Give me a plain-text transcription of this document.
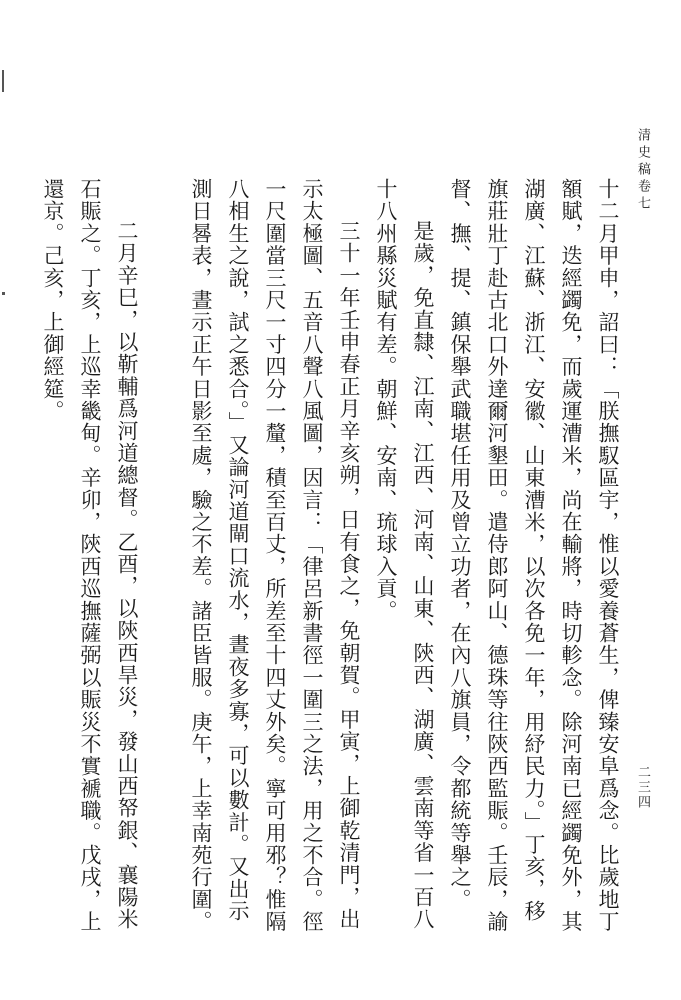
清史稿卷七
二三四

十二月甲申，詔曰：「朕撫馭區宇，惟以愛養蒼生，俾臻安阜爲念。比歲地丁額賦，迭經蠲免，而歲運漕米，尚在輸將，時切軫念。除河南已經蠲免外，其湖廣、江蘇、浙江、安徽、山東漕米，以次各免一年，用紓民力。」丁亥，移旗莊壯丁赴古北口外達爾河墾田。遣侍郎阿山、德珠等往陝西監賑。壬辰，諭督、撫、提、鎮保舉武職堪任用及曾立功者，在內八旗員，令都統等舉之。

是歲，免直隸、江南、江西、河南、山東、陝西、湖廣、雲南等省一百八十八州縣災賦有差。朝鮮、安南、琉球入貢。

三十一年壬申春正月辛亥朔，日有食之，免朝賀。甲寅，上御乾清門，出示太極圖、五音八聲八風圖，因言：「律呂新書徑一圍三之法，用之不合。徑一尺圍當三尺一寸四分一釐，積至百丈，所差至十四丈外矣。寧可用邪？惟隔八相生之說，試之悉合。」又論河道閘口流水，晝夜多寡，可以數計。又出示測日晷表，晝示正午日影至處，驗之不差。諸臣皆服。庚午，上幸南苑行圍。

二月辛巳，以靳輔爲河道總督。乙酉，以陝西旱災，發山西帑銀、襄陽米石賑之。丁亥，上巡幸畿甸。辛卯，陝西巡撫薩弼以賑災不實褫職。戊戌，上還京。己亥，上御經筵。
